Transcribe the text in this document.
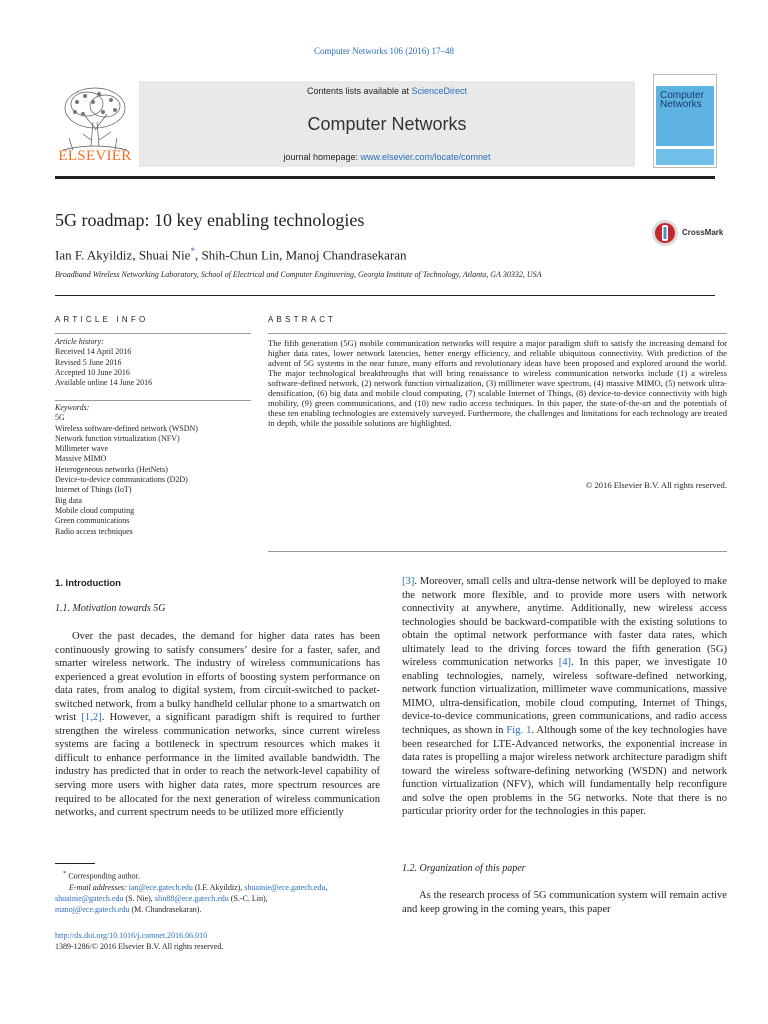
Computer Networks 106 (2016) 17–48
ELSEVIER
Contents lists available at ScienceDirect
Computer Networks
journal homepage: www.elsevier.com/locate/comnet
Computer Networks
5G roadmap: 10 key enabling technologies
CrossMark
Ian F. Akyildiz, Shuai Nie*, Shih-Chun Lin, Manoj Chandrasekaran
Broadband Wireless Networking Laboratory, School of Electrical and Computer Engineering, Georgia Institute of Technology, Atlanta, GA 30332, USA
ARTICLE INFO
Article history:
Received 14 April 2016
Revised 5 June 2016
Accepted 10 June 2016
Available online 14 June 2016
Keywords:
5G
Wireless software-defined network (WSDN)
Network function virtualization (NFV)
Millimeter wave
Massive MIMO
Heterogeneous networks (HetNets)
Device-to-device communications (D2D)
Internet of Things (IoT)
Big data
Mobile cloud computing
Green communications
Radio access techniques
ABSTRACT

The fifth generation (5G) mobile communication networks will require a major paradigm shift to satisfy the increasing demand for higher data rates, lower network latencies, better energy efficiency, and reliable ubiquitous connectivity. With prediction of the advent of 5G systems in the near future, many efforts and revolutionary ideas have been proposed and explored around the world. The major technological breakthroughs that will bring renaissance to wireless communication networks include (1) a wireless software-defined network, (2) network function virtualization, (3) millimeter wave spectrum, (4) massive MIMO, (5) network ultra-densification, (6) big data and mobile cloud computing, (7) scalable Internet of Things, (8) device-to-device connectivity with high mobility, (9) green communications, and (10) new radio access techniques. In this paper, the state-of-the-art and the potentials of these ten enabling technologies are extensively surveyed. Furthermore, the challenges and limitations for each technology are treated in depth, while the possible solutions are highlighted.

© 2016 Elsevier B.V. All rights reserved.
1. Introduction
1.1. Motivation towards 5G

Over the past decades, the demand for higher data rates has been continuously growing to satisfy consumers’ desire for a faster, safer, and smarter wireless network. The industry of wireless communications has experienced a great evolution in efforts of boosting system performance on data rates, from analog to digital system, from circuit-switched to packet-switched network, from a bulky handheld cellular phone to a smartwatch on wrist [1,2]. However, a significant paradigm shift is required to further strengthen the wireless communication networks, since current wireless systems are facing a bottleneck in spectrum resources which makes it difficult to enhance performance in the limited available bandwidth. The industry has predicted that in order to reach the network-level capability of serving more users with higher data rates, more spectrum resources are required to be allocated for the next generation of wireless communication networks, and current spectrum needs to be utilized more efficiently

* Corresponding author.
E-mail addresses: ian@ece.gatech.edu (I.F. Akyildiz), shuainie@ece.gatech.edu,
shuainie@gatech.edu (S. Nie), slin88@ece.gatech.edu (S.-C. Lin),
manoj@ece.gatech.edu (M. Chandrasekaran).
http://dx.doi.org/10.1016/j.comnet.2016.06.010
1389-1286/© 2016 Elsevier B.V. All rights reserved.

[3]. Moreover, small cells and ultra-dense network will be deployed to make the network more flexible, and to provide more users with network connectivity at anywhere, anytime. Additionally, new wireless access technologies should be backward-compatible with the existing solutions to obtain the optimal network performance with faster data rates, which ultimately lead to the driving forces toward the fifth generation (5G) wireless communication networks [4]. In this paper, we investigate 10 enabling technologies, namely, wireless software-defined networking, network function virtualization, millimeter wave communications, massive MIMO, ultra-densification, mobile cloud computing, Internet of Things, device-to-device communications, green communications, and radio access techniques, as shown in Fig. 1. Although some of the key technologies have been researched for LTE-Advanced networks, the exponential increase in data rates is propelling a major wireless network architecture paradigm shift toward the wireless software-defining networking (WSDN) and network function virtualization (NFV), which will fundamentally help reconfigure and solve the open problems in the 5G networks. Note that there is no particular priority order for the technologies in this paper.

1.2. Organization of this paper

As the research process of 5G communication system will remain active and keep growing in the coming years, this paper
